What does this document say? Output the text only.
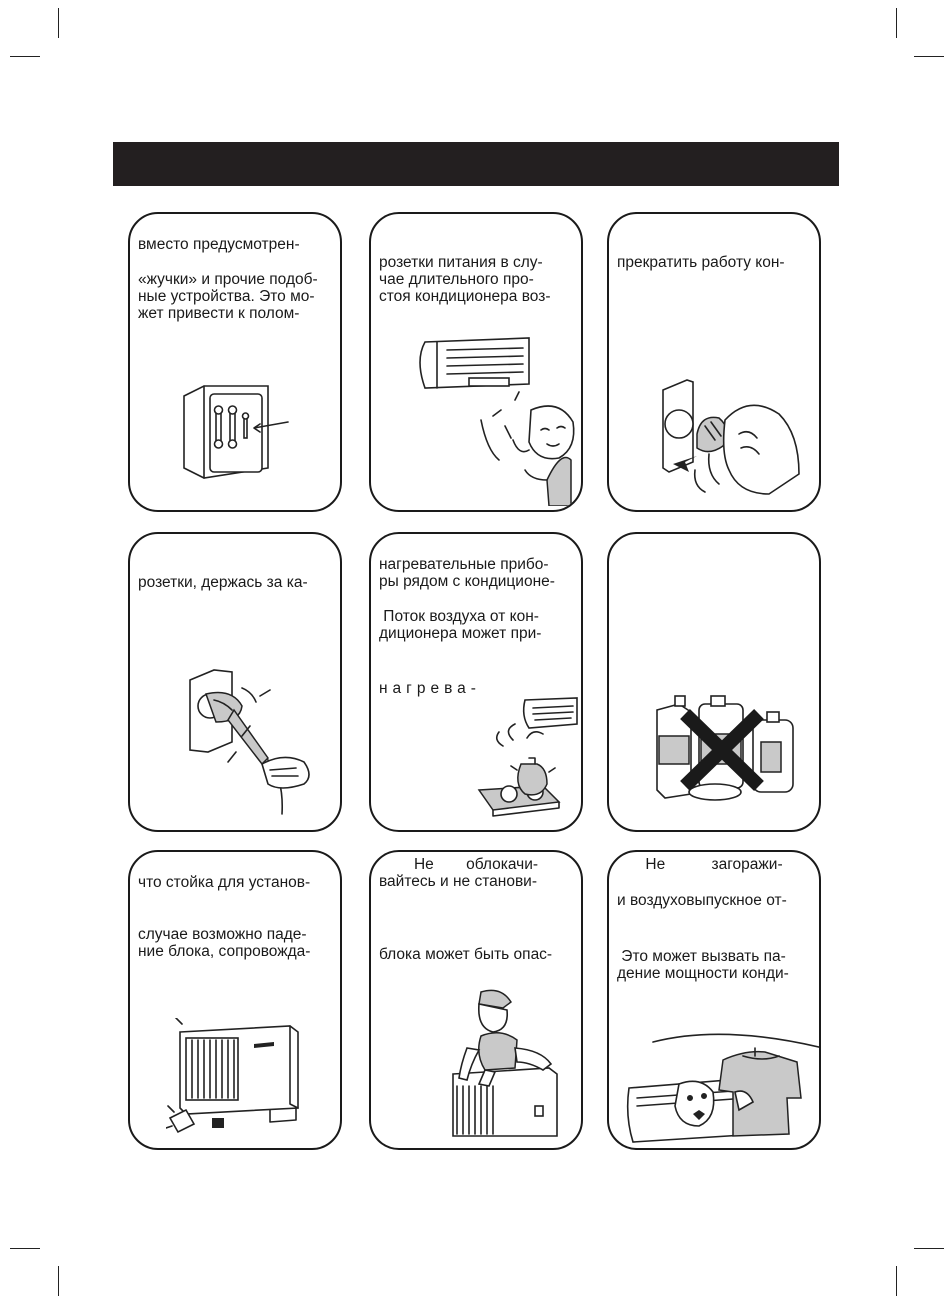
вместо предусмотрен-
«жучки» и прочие подоб-
ные устройства. Это мо-
жет привести к полом-
розетки питания в слу-
чае длительного про-
стоя кондиционера воз-
прекратить работу кон-
розетки, держась за ка-
нагревательные прибо-
ры рядом с кондиционе-
Поток воздуха от кон-
диционера может при-
нагрева-
что стойка для установ-
случае возможно паде-
ние блока, сопровожда-
Не облокачи-
вайтесь и не станови-
блока может быть опас-
Не загоражи-
и воздуховыпускное от-
Это может вызвать па-
дение мощности конди-
